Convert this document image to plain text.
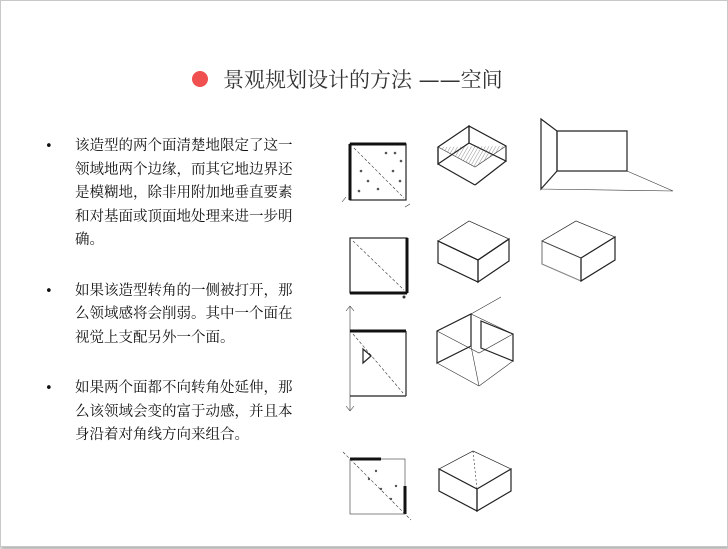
景观规划设计的方法 ——空间
• 该造型的两个面清楚地限定了这一领域地两个边缘，而其它地边界还是模糊地，除非用附加地垂直要素和对基面或顶面地处理来进一步明确。
• 如果该造型转角的一侧被打开，那么领域感将会削弱。其中一个面在视觉上支配另外一个面。
• 如果两个面都不向转角处延伸，那么该领域会变的富于动感，并且本身沿着对角线方向来组合。
